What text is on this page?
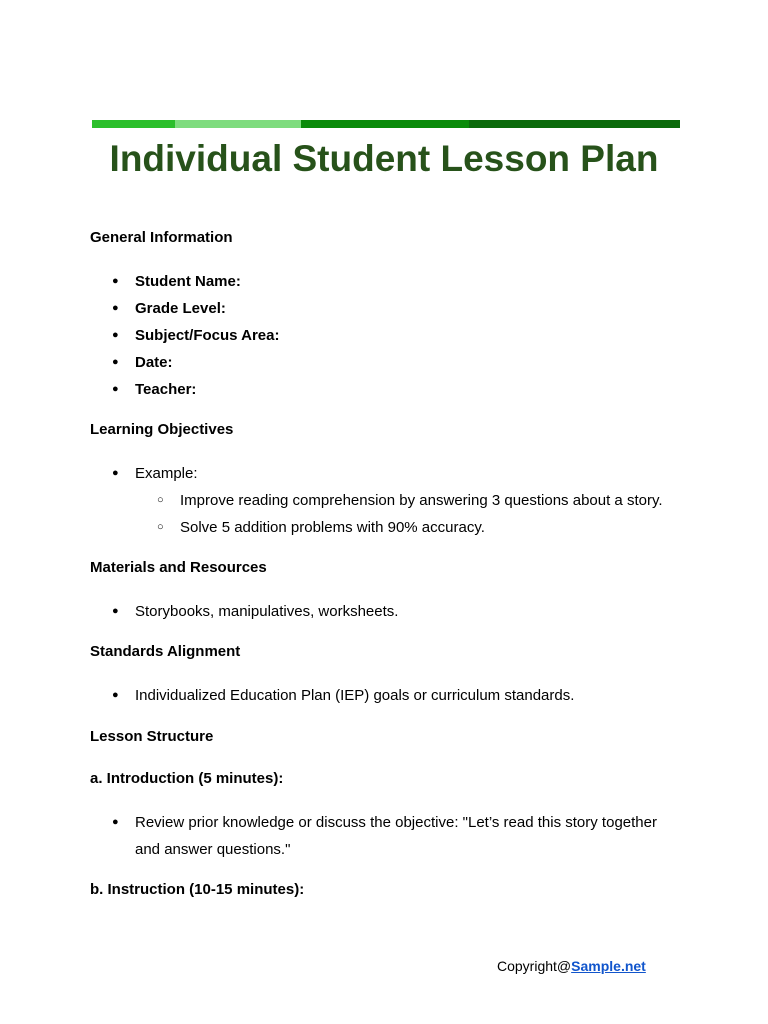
Individual Student Lesson Plan

General Information

● Student Name:
● Grade Level:
● Subject/Focus Area:
● Date:
● Teacher:

Learning Objectives

● Example:
○ Improve reading comprehension by answering 3 questions about a story.
○ Solve 5 addition problems with 90% accuracy.

Materials and Resources

● Storybooks, manipulatives, worksheets.

Standards Alignment

● Individualized Education Plan (IEP) goals or curriculum standards.

Lesson Structure

a. Introduction (5 minutes):

● Review prior knowledge or discuss the objective: "Let’s read this story together and answer questions."

b. Instruction (10-15 minutes):

Copyright@Sample.net
